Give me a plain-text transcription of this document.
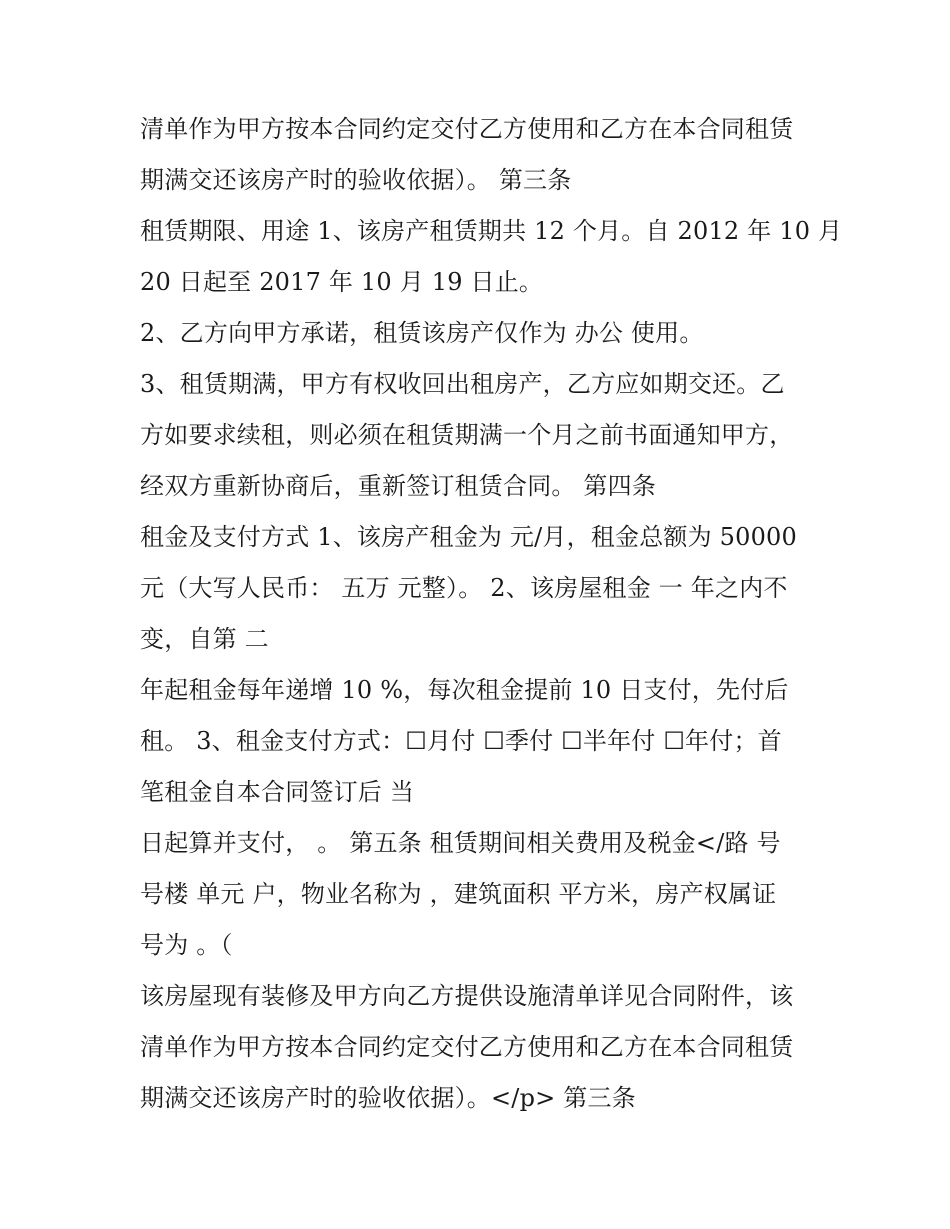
清单作为甲方按本合同约定交付乙方使用和乙方在本合同租赁
期满交还该房产时的验收依据）。 第三条
租赁期限、用途 1、该房产租赁期共 12 个月。自 2012 年 10 月
20 日起至 2017 年 10 月 19 日止。
2、乙方向甲方承诺，租赁该房产仅作为 办公 使用。
3、租赁期满，甲方有权收回出租房产，乙方应如期交还。乙
方如要求续租，则必须在租赁期满一个月之前书面通知甲方，
经双方重新协商后，重新签订租赁合同。 第四条
租金及支付方式 1、该房产租金为 元/月，租金总额为 50000
元（大写人民币： 五万 元整）。 2、该房屋租金 一 年之内不
变，自第 二
年起租金每年递增 10 %，每次租金提前 10 日支付，先付后
租。 3、租金支付方式：☐月付 ☐季付 ☐半年付 ☐年付；首
笔租金自本合同签订后 当
日起算并支付， 。 第五条 租赁期间相关费用及税金</路 号
号楼 单元 户，物业名称为 ，建筑面积 平方米，房产权属证
号为 。（
该房屋现有装修及甲方向乙方提供设施清单详见合同附件，该
清单作为甲方按本合同约定交付乙方使用和乙方在本合同租赁
期满交还该房产时的验收依据）。</p> 第三条
